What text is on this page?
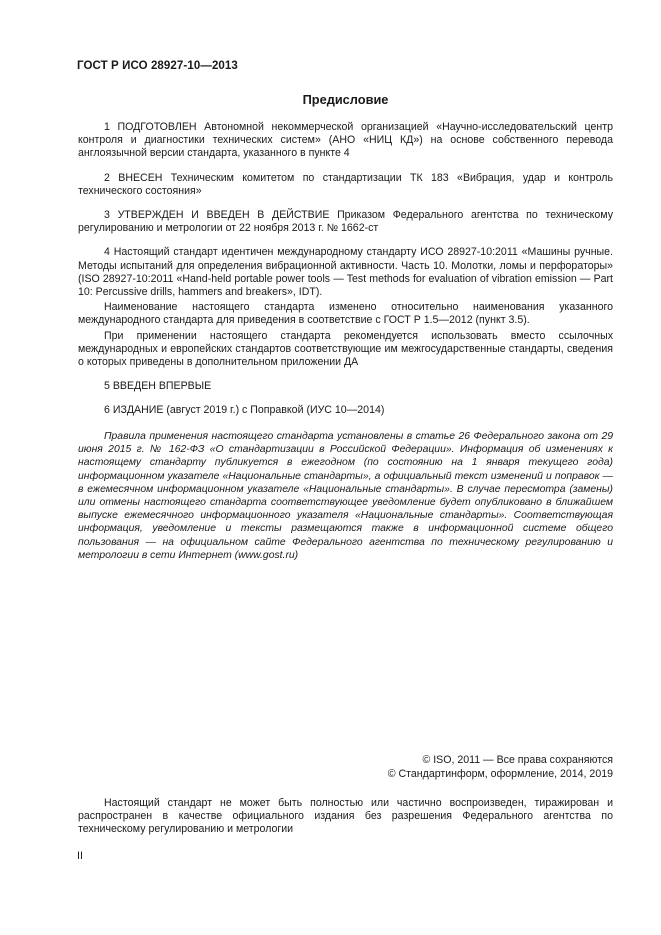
ГОСТ Р ИСО 28927-10—2013
Предисловие

1 ПОДГОТОВЛЕН Автономной некоммерческой организацией «Научно-исследовательский центр контроля и диагностики технических систем» (АНО «НИЦ КД») на основе собственного перевода англоязычной версии стандарта, указанного в пункте 4

2 ВНЕСЕН Техническим комитетом по стандартизации ТК 183 «Вибрация, удар и контроль технического состояния»

3 УТВЕРЖДЕН И ВВЕДЕН В ДЕЙСТВИЕ Приказом Федерального агентства по техническому регулированию и метрологии от 22 ноября 2013 г. № 1662-ст

4 Настоящий стандарт идентичен международному стандарту ИСО 28927-10:2011 «Машины ручные. Методы испытаний для определения вибрационной активности. Часть 10. Молотки, ломы и перфораторы» (ISO 28927-10:2011 «Hand-held portable power tools — Test methods for evaluation of vibration emission — Part 10: Percussive drills, hammers and breakers», IDT).

Наименование настоящего стандарта изменено относительно наименования указанного международного стандарта для приведения в соответствие с ГОСТ Р 1.5—2012 (пункт 3.5).

При применении настоящего стандарта рекомендуется использовать вместо ссылочных международных и европейских стандартов соответствующие им межгосударственные стандарты, сведения о которых приведены в дополнительном приложении ДА

5 ВВЕДЕН ВПЕРВЫЕ

6 ИЗДАНИЕ (август 2019 г.) с Поправкой (ИУС 10—2014)

Правила применения настоящего стандарта установлены в статье 26 Федерального закона от 29 июня 2015 г. № 162-ФЗ «О стандартизации в Российской Федерации». Информация об изменениях к настоящему стандарту публикуется в ежегодном (по состоянию на 1 января текущего года) информационном указателе «Национальные стандарты», а официальный текст изменений и поправок — в ежемесячном информационном указателе «Национальные стандарты». В случае пересмотра (замены) или отмены настоящего стандарта соответствующее уведомление будет опубликовано в ближайшем выпуске ежемесячного информационного указателя «Национальные стандарты». Соответствующая информация, уведомление и тексты размещаются также в информационной системе общего пользования — на официальном сайте Федерального агентства по техническому регулированию и метрологии в сети Интернет (www.gost.ru)

© ISO, 2011 — Все права сохраняются
© Стандартинформ, оформление, 2014, 2019

Настоящий стандарт не может быть полностью или частично воспроизведен, тиражирован и распространен в качестве официального издания без разрешения Федерального агентства по техническому регулированию и метрологии

II
